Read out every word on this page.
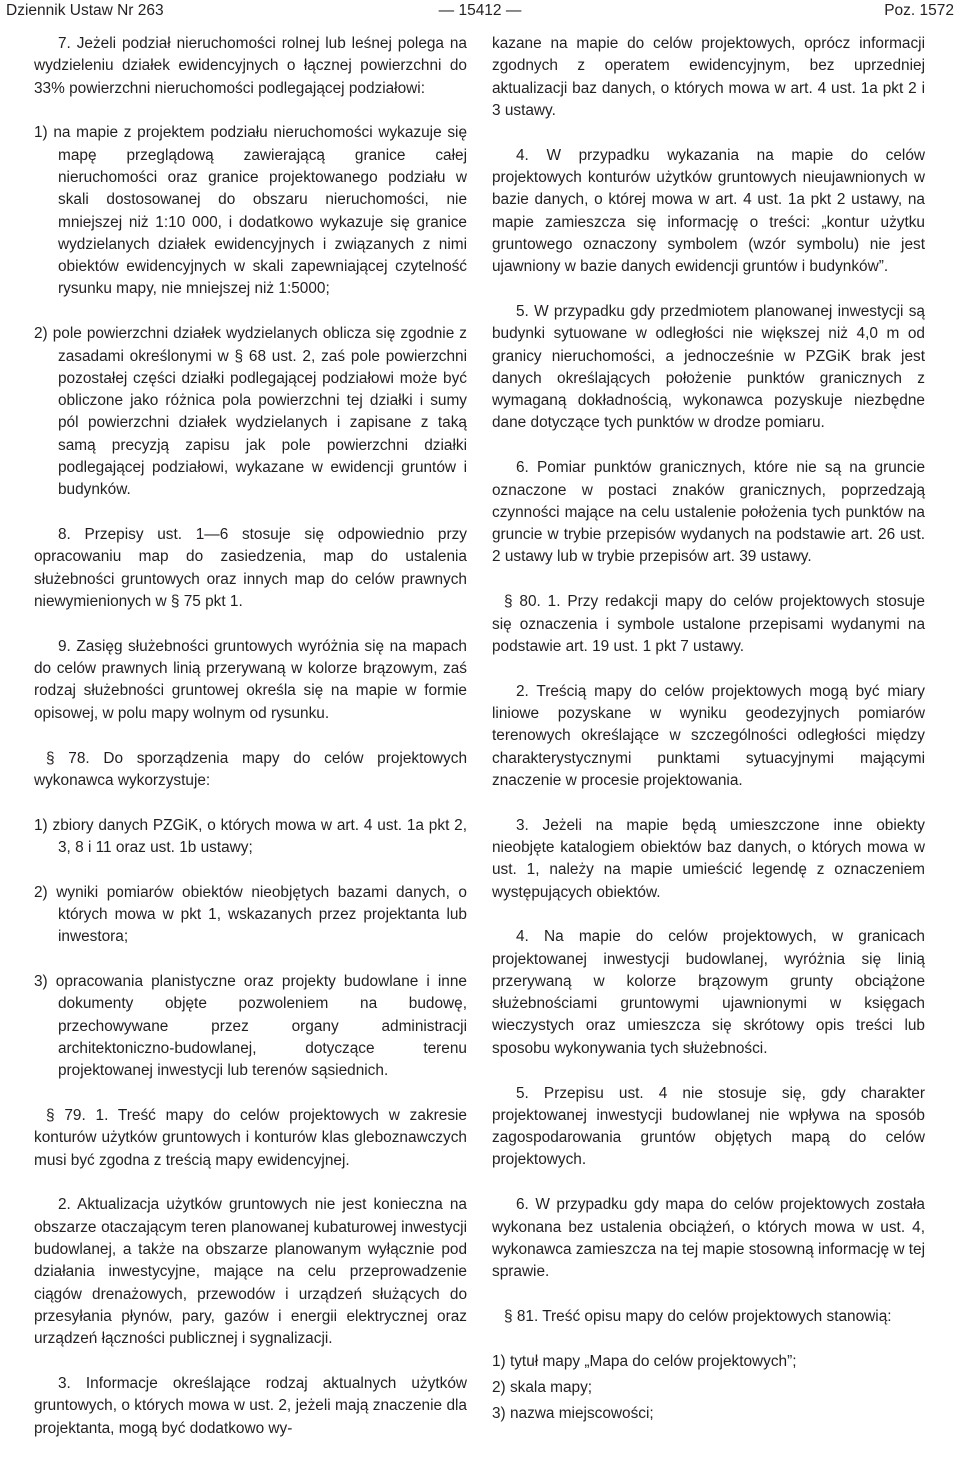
Dziennik Ustaw Nr 263	— 15412 —	Poz. 1572

7. Jeżeli podział nieruchomości rolnej lub leśnej polega na wydzieleniu działek ewidencyjnych o łącznej powierzchni do 33% powierzchni nieruchomości podlegającej podziałowi:

1) na mapie z projektem podziału nieruchomości wykazuje się mapę przeglądową zawierającą granice całej nieruchomości oraz granice projektowanego podziału w skali dostosowanej do obszaru nieruchomości, nie mniejszej niż 1:10 000, i dodatkowo wykazuje się granice wydzielanych działek ewidencyjnych i związanych z nimi obiektów ewidencyjnych w skali zapewniającej czytelność rysunku mapy, nie mniejszej niż 1:5000;

2) pole powierzchni działek wydzielanych oblicza się zgodnie z zasadami określonymi w § 68 ust. 2, zaś pole powierzchni pozostałej części działki podlegającej podziałowi może być obliczone jako różnica pola powierzchni tej działki i sumy pól powierzchni działek wydzielanych i zapisane z taką samą precyzją zapisu jak pole powierzchni działki podlegającej podziałowi, wykazane w ewidencji gruntów i budynków.

8. Przepisy ust. 1—6 stosuje się odpowiednio przy opracowaniu map do zasiedzenia, map do ustalenia służebności gruntowych oraz innych map do celów prawnych niewymienionych w § 75 pkt 1.

9. Zasięg służebności gruntowych wyróżnia się na mapach do celów prawnych linią przerywaną w kolorze brązowym, zaś rodzaj służebności gruntowej określa się na mapie w formie opisowej, w polu mapy wolnym od rysunku.

§ 78. Do sporządzenia mapy do celów projektowych wykonawca wykorzystuje:

1) zbiory danych PZGiK, o których mowa w art. 4 ust. 1a pkt 2, 3, 8 i 11 oraz ust. 1b ustawy;

2) wyniki pomiarów obiektów nieobjętych bazami danych, o których mowa w pkt 1, wskazanych przez projektanta lub inwestora;

3) opracowania planistyczne oraz projekty budowlane i inne dokumenty objęte pozwoleniem na budowę, przechowywane przez organy administracji architektoniczno-budowlanej, dotyczące terenu projektowanej inwestycji lub terenów sąsiednich.

§ 79. 1. Treść mapy do celów projektowych w zakresie konturów użytków gruntowych i konturów klas gleboznawczych musi być zgodna z treścią mapy ewidencyjnej.

2. Aktualizacja użytków gruntowych nie jest konieczna na obszarze otaczającym teren planowanej kubaturowej inwestycji budowlanej, a także na obszarze planowanym wyłącznie pod działania inwestycyjne, mające na celu przeprowadzenie ciągów drenażowych, przewodów i urządzeń służących do przesyłania płynów, pary, gazów i energii elektrycznej oraz urządzeń łączności publicznej i sygnalizacji.

3. Informacje określające rodzaj aktualnych użytków gruntowych, o których mowa w ust. 2, jeżeli mają znaczenie dla projektanta, mogą być dodatkowo wy-

kazane na mapie do celów projektowych, oprócz informacji zgodnych z operatem ewidencyjnym, bez uprzedniej aktualizacji baz danych, o których mowa w art. 4 ust. 1a pkt 2 i 3 ustawy.

4. W przypadku wykazania na mapie do celów projektowych konturów użytków gruntowych nieujawnionych w bazie danych, o której mowa w art. 4 ust. 1a pkt 2 ustawy, na mapie zamieszcza się informację o treści: „kontur użytku gruntowego oznaczony symbolem (wzór symbolu) nie jest ujawniony w bazie danych ewidencji gruntów i budynków”.

5. W przypadku gdy przedmiotem planowanej inwestycji są budynki sytuowane w odległości nie większej niż 4,0 m od granicy nieruchomości, a jednocześnie w PZGiK brak jest danych określających położenie punktów granicznych z wymaganą dokładnością, wykonawca pozyskuje niezbędne dane dotyczące tych punktów w drodze pomiaru.

6. Pomiar punktów granicznych, które nie są na gruncie oznaczone w postaci znaków granicznych, poprzedzają czynności mające na celu ustalenie położenia tych punktów na gruncie w trybie przepisów wydanych na podstawie art. 26 ust. 2 ustawy lub w trybie przepisów art. 39 ustawy.

§ 80. 1. Przy redakcji mapy do celów projektowych stosuje się oznaczenia i symbole ustalone przepisami wydanymi na podstawie art. 19 ust. 1 pkt 7 ustawy.

2. Treścią mapy do celów projektowych mogą być miary liniowe pozyskane w wyniku geodezyjnych pomiarów terenowych określające w szczególności odległości między charakterystycznymi punktami sytuacyjnymi mającymi znaczenie w procesie projektowania.

3. Jeżeli na mapie będą umieszczone inne obiekty nieobjęte katalogiem obiektów baz danych, o których mowa w ust. 1, należy na mapie umieścić legendę z oznaczeniem występujących obiektów.

4. Na mapie do celów projektowych, w granicach projektowanej inwestycji budowlanej, wyróżnia się linią przerywaną w kolorze brązowym grunty obciążone służebnościami gruntowymi ujawnionymi w księgach wieczystych oraz umieszcza się skrótowy opis treści lub sposobu wykonywania tych służebności.

5. Przepisu ust. 4 nie stosuje się, gdy charakter projektowanej inwestycji budowlanej nie wpływa na sposób zagospodarowania gruntów objętych mapą do celów projektowych.

6. W przypadku gdy mapa do celów projektowych została wykonana bez ustalenia obciążeń, o których mowa w ust. 4, wykonawca zamieszcza na tej mapie stosowną informację w tej sprawie.

§ 81. Treść opisu mapy do celów projektowych stanowią:

1) tytuł mapy „Mapa do celów projektowych”;

2) skala mapy;

3) nazwa miejscowości;
